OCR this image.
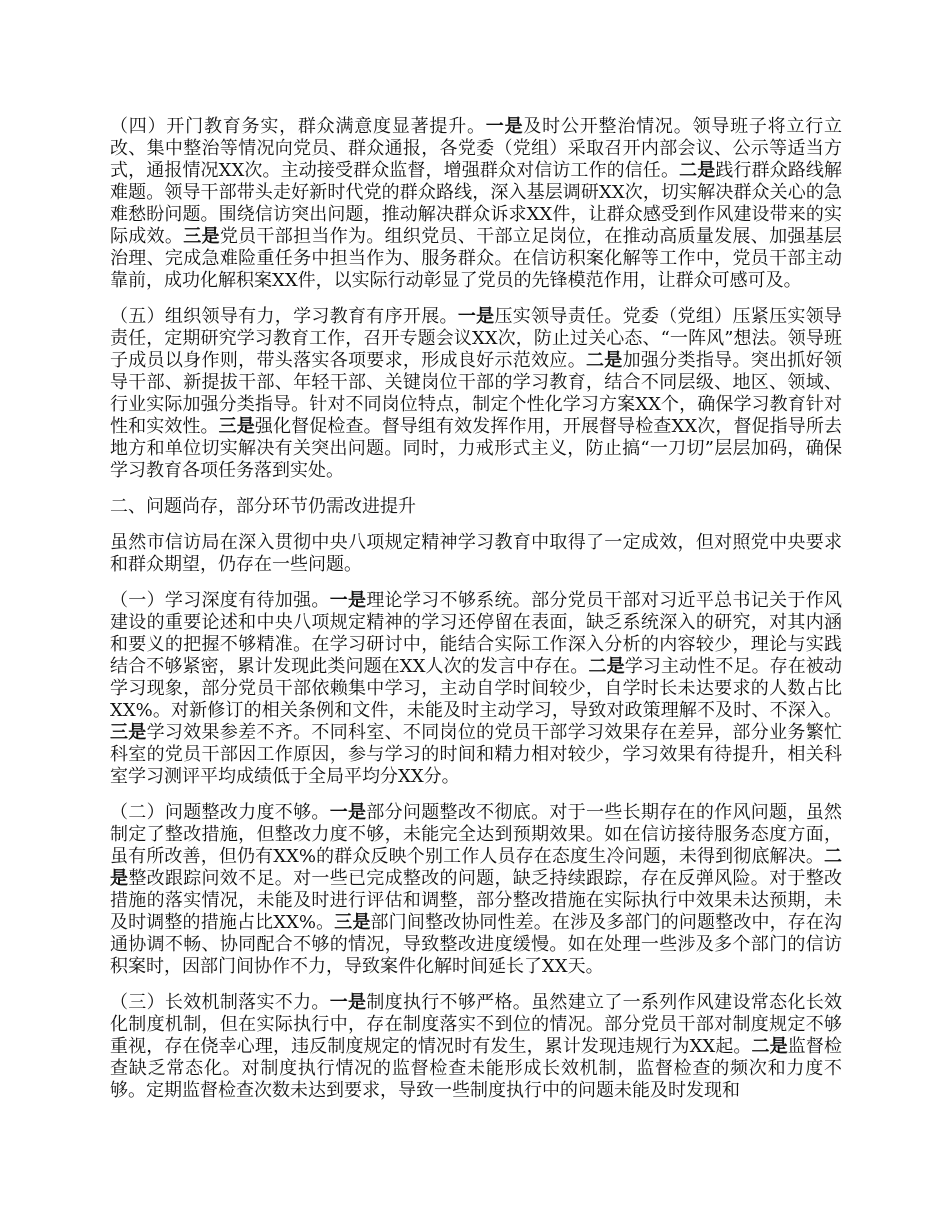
（四）开门教育务实，群众满意度显著提升。一是及时公开整治情况。领导班子将立行立改、集中整治等情况向党员、群众通报，各党委（党组）采取召开内部会议、公示等适当方式，通报情况XX次。主动接受群众监督，增强群众对信访工作的信任。二是践行群众路线解难题。领导干部带头走好新时代党的群众路线，深入基层调研XX次，切实解决群众关心的急难愁盼问题。围绕信访突出问题，推动解决群众诉求XX件，让群众感受到作风建设带来的实际成效。三是党员干部担当作为。组织党员、干部立足岗位，在推动高质量发展、加强基层治理、完成急难险重任务中担当作为、服务群众。在信访积案化解等工作中，党员干部主动靠前，成功化解积案XX件，以实际行动彰显了党员的先锋模范作用，让群众可感可及。

（五）组织领导有力，学习教育有序开展。一是压实领导责任。党委（党组）压紧压实领导责任，定期研究学习教育工作，召开专题会议XX次，防止过关心态、“一阵风”想法。领导班子成员以身作则，带头落实各项要求，形成良好示范效应。二是加强分类指导。突出抓好领导干部、新提拔干部、年轻干部、关键岗位干部的学习教育，结合不同层级、地区、领域、行业实际加强分类指导。针对不同岗位特点，制定个性化学习方案XX个，确保学习教育针对性和实效性。三是强化督促检查。督导组有效发挥作用，开展督导检查XX次，督促指导所去地方和单位切实解决有关突出问题。同时，力戒形式主义，防止搞“一刀切”层层加码，确保学习教育各项任务落到实处。

二、问题尚存，部分环节仍需改进提升

虽然市信访局在深入贯彻中央八项规定精神学习教育中取得了一定成效，但对照党中央要求和群众期望，仍存在一些问题。

（一）学习深度有待加强。一是理论学习不够系统。部分党员干部对习近平总书记关于作风建设的重要论述和中央八项规定精神的学习还停留在表面，缺乏系统深入的研究，对其内涵和要义的把握不够精准。在学习研讨中，能结合实际工作深入分析的内容较少，理论与实践结合不够紧密，累计发现此类问题在XX人次的发言中存在。二是学习主动性不足。存在被动学习现象，部分党员干部依赖集中学习，主动自学时间较少，自学时长未达要求的人数占比XX%。对新修订的相关条例和文件，未能及时主动学习，导致对政策理解不及时、不深入。三是学习效果参差不齐。不同科室、不同岗位的党员干部学习效果存在差异，部分业务繁忙科室的党员干部因工作原因，参与学习的时间和精力相对较少，学习效果有待提升，相关科室学习测评平均成绩低于全局平均分XX分。

（二）问题整改力度不够。一是部分问题整改不彻底。对于一些长期存在的作风问题，虽然制定了整改措施，但整改力度不够，未能完全达到预期效果。如在信访接待服务态度方面，虽有所改善，但仍有XX%的群众反映个别工作人员存在态度生冷问题，未得到彻底解决。二是整改跟踪问效不足。对一些已完成整改的问题，缺乏持续跟踪，存在反弹风险。对于整改措施的落实情况，未能及时进行评估和调整，部分整改措施在实际执行中效果未达预期，未及时调整的措施占比XX%。三是部门间整改协同性差。在涉及多部门的问题整改中，存在沟通协调不畅、协同配合不够的情况，导致整改进度缓慢。如在处理一些涉及多个部门的信访积案时，因部门间协作不力，导致案件化解时间延长了XX天。

（三）长效机制落实不力。一是制度执行不够严格。虽然建立了一系列作风建设常态化长效化制度机制，但在实际执行中，存在制度落实不到位的情况。部分党员干部对制度规定不够重视，存在侥幸心理，违反制度规定的情况时有发生，累计发现违规行为XX起。二是监督检查缺乏常态化。对制度执行情况的监督检查未能形成长效机制，监督检查的频次和力度不够。定期监督检查次数未达到要求，导致一些制度执行中的问题未能及时发现和
